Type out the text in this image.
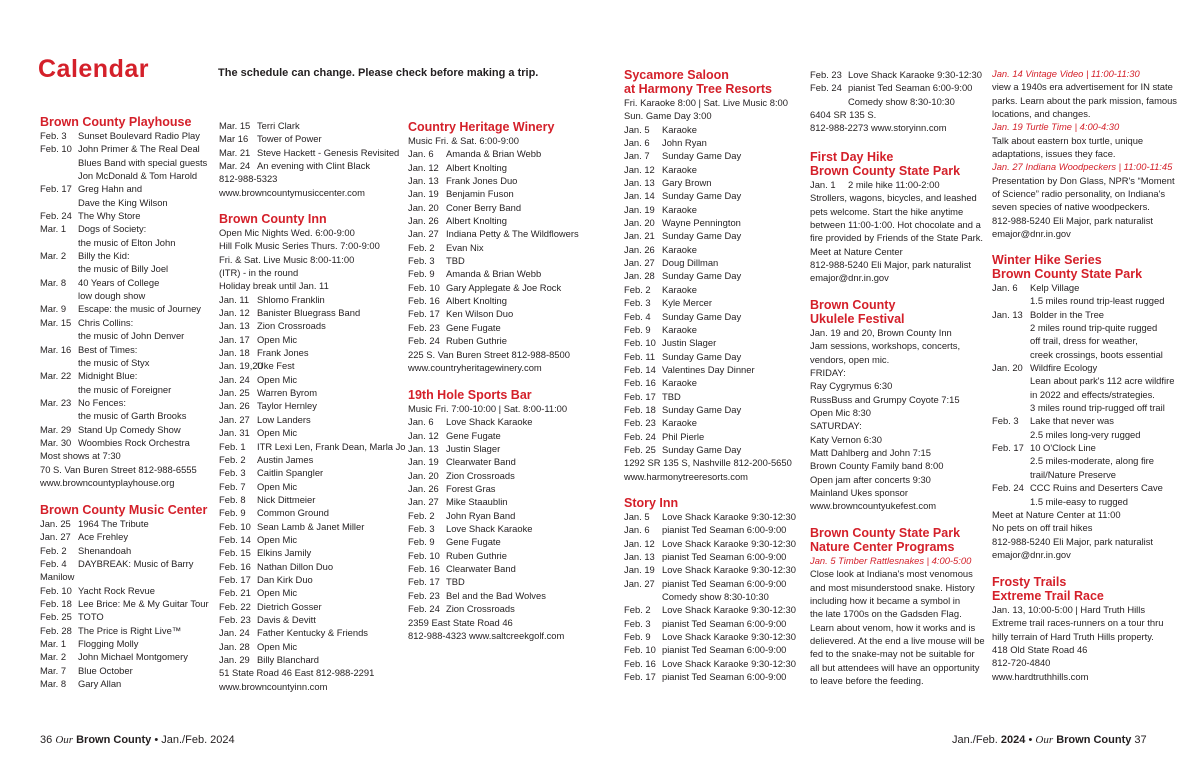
Calendar	The schedule can change. Please check before making a trip.
Brown County Playhouse
Feb. 3 Sunset Boulevard Radio Play
Feb. 10 John Primer & The Real Deal
Blues Band with special guests
Jon McDonald & Tom Harold
Feb. 17 Greg Hahn and
Dave the King Wilson
Feb. 24 The Why Store
Mar. 1 Dogs of Society:
the music of Elton John
Mar. 2 Billy the Kid:
the music of Billy Joel
Mar. 8 40 Years of College
low dough show
Mar. 9 Escape: the music of Journey
Mar. 15 Chris Collins:
the music of John Denver
Mar. 16 Best of Times:
the music of Styx
Mar. 22 Midnight Blue:
the music of Foreigner
Mar. 23 No Fences:
the music of Garth Brooks
Mar. 29 Stand Up Comedy Show
Mar. 30 Woombies Rock Orchestra
Most shows at 7:30
70 S. Van Buren Street 812-988-6555
www.browncountyplayhouse.org
Brown County Music Center
Jan. 25 1964 The Tribute
Jan. 27 Ace Frehley
Feb. 2 Shenandoah
Feb. 4 DAYBREAK: Music of Barry
Manilow
Feb. 10 Yacht Rock Revue
Feb. 18 Lee Brice: Me & My Guitar Tour
Feb. 25 TOTO
Feb. 28 The Price is Right Live™
Mar. 1 Flogging Molly
Mar. 2 John Michael Montgomery
Mar. 7 Blue October
Mar. 8 Gary Allan
Mar. 15 Terri Clark
Mar 16 Tower of Power
Mar. 21 Steve Hackett - Genesis Revisited
Mar. 24 An evening with Clint Black
812-988-5323
www.browncountymusiccenter.com
Brown County Inn
Open Mic Nights Wed. 6:00-9:00
Hill Folk Music Series Thurs. 7:00-9:00
Fri. & Sat. Live Music 8:00-11:00
(ITR) - in the round
Holiday break until Jan. 11
Jan. 11 Shlomo Franklin
Jan. 12 Banister Bluegrass Band
Jan. 13 Zion Crossroads
Jan. 17 Open Mic
Jan. 18 Frank Jones
Jan. 19,20Uke Fest
Jan. 24 Open Mic
Jan. 25 Warren Byrom
Jan. 26 Taylor Hernley
Jan. 27 Low Landers
Jan. 31 Open Mic
Feb. 1 ITR Lexi Len, Frank Dean, Marla Jo
Feb. 2 Austin James
Feb. 3 Caitlin Spangler
Feb. 7 Open Mic
Feb. 8 Nick Dittmeier
Feb. 9 Common Ground
Feb. 10 Sean Lamb & Janet Miller
Feb. 14 Open Mic
Feb. 15 Elkins Jamily
Feb. 16 Nathan Dillon Duo
Feb. 17 Dan Kirk Duo
Feb. 21 Open Mic
Feb. 22 Dietrich Gosser
Feb. 23 Davis & Devitt
Jan. 24 Father Kentucky & Friends
Jan. 28 Open Mic
Jan. 29 Billy Blanchard
51 State Road 46 East 812-988-2291
www.browncountyinn.com
Country Heritage Winery
Music Fri. & Sat. 6:00-9:00
Jan. 6 Amanda & Brian Webb
Jan. 12 Albert Knolting
Jan. 13 Frank Jones Duo
Jan. 19 Benjamin Fuson
Jan. 20 Coner Berry Band
Jan. 26 Albert Knolting
Jan. 27 Indiana Petty & The Wildflowers
Feb. 2 Evan Nix
Feb. 3 TBD
Feb. 9 Amanda & Brian Webb
Feb. 10 Gary Applegate & Joe Rock
Feb. 16 Albert Knolting
Feb. 17 Ken Wilson Duo
Feb. 23 Gene Fugate
Feb. 24 Ruben Guthrie
225 S. Van Buren Street 812-988-8500
www.countryheritagewinery.com
19th Hole Sports Bar
Music Fri. 7:00-10:00 | Sat. 8:00-11:00
Jan. 6 Love Shack Karaoke
Jan. 12 Gene Fugate
Jan. 13 Justin Slager
Jan. 19 Clearwater Band
Jan. 20 Zion Crossroads
Jan. 26 Forest Gras
Jan. 27 Mike Staaublin
Feb. 2 John Ryan Band
Feb. 3 Love Shack Karaoke
Feb. 9 Gene Fugate
Feb. 10 Ruben Guthrie
Feb. 16 Clearwater Band
Feb. 17 TBD
Feb. 23 Bel and the Bad Wolves
Feb. 24 Zion Crossroads
2359 East State Road 46
812-988-4323 www.saltcreekgolf.com
Sycamore Saloon
at Harmony Tree Resorts
Fri. Karaoke 8:00 | Sat. Live Music 8:00
Sun. Game Day 3:00
Jan. 5 Karaoke
Jan. 6 John Ryan
Jan. 7 Sunday Game Day
Jan. 12 Karaoke
Jan. 13 Gary Brown
Jan. 14 Sunday Game Day
Jan. 19 Karaoke
Jan. 20 Wayne Pennington
Jan. 21 Sunday Game Day
Jan. 26 Karaoke
Jan. 27 Doug Dillman
Jan. 28 Sunday Game Day
Feb. 2 Karaoke
Feb. 3 Kyle Mercer
Feb. 4 Sunday Game Day
Feb. 9 Karaoke
Feb. 10 Justin Slager
Feb. 11 Sunday Game Day
Feb. 14 Valentines Day Dinner
Feb. 16 Karaoke
Feb. 17 TBD
Feb. 18 Sunday Game Day
Feb. 23 Karaoke
Feb. 24 Phil Pierle
Feb. 25 Sunday Game Day
1292 SR 135 S, Nashville 812-200-5650
www.harmonytreeresorts.com
Story Inn
Jan. 5 Love Shack Karaoke 9:30-12:30
Jan. 6 pianist Ted Seaman 6:00-9:00
Jan. 12 Love Shack Karaoke 9:30-12:30
Jan. 13 pianist Ted Seaman 6:00-9:00
Jan. 19 Love Shack Karaoke 9:30-12:30
Jan. 27 pianist Ted Seaman 6:00-9:00
Comedy show 8:30-10:30
Feb. 2 Love Shack Karaoke 9:30-12:30
Feb. 3 pianist Ted Seaman 6:00-9:00
Feb. 9 Love Shack Karaoke 9:30-12:30
Feb. 10 pianist Ted Seaman 6:00-9:00
Feb. 16 Love Shack Karaoke 9:30-12:30
Feb. 17 pianist Ted Seaman 6:00-9:00
Feb. 23 Love Shack Karaoke 9:30-12:30
Feb. 24 pianist Ted Seaman 6:00-9:00
Comedy show 8:30-10:30
6404 SR 135 S.
812-988-2273 www.storyinn.com
First Day Hike
Brown County State Park
Jan. 1 2 mile hike 11:00-2:00
Strollers, wagons, bicycles, and leashed
pets welcome. Start the hike anytime
between 11:00-1:00. Hot chocolate and a
fire provided by Friends of the State Park.
Meet at Nature Center
812-988-5240 Eli Major, park naturalist
emajor@dnr.in.gov
Brown County
Ukulele Festival
Jan. 19 and 20, Brown County Inn
Jam sessions, workshops, concerts,
vendors, open mic.
FRIDAY:
Ray Cygrymus 6:30
RussBuss and Grumpy Coyote 7:15
Open Mic 8:30
SATURDAY:
Katy Vernon 6:30
Matt Dahlberg and John 7:15
Brown County Family band 8:00
Open jam after concerts 9:30
Mainland Ukes sponsor
www.browncountyukefest.com
Brown County State Park
Nature Center Programs
Jan. 5 Timber Rattlesnakes | 4:00-5:00
Close look at Indiana's most venomous
and most misunderstood snake. History
including how it became a symbol in
the late 1700s on the Gadsden Flag.
Learn about venom, how it works and is
delievered. At the end a live mouse will be
fed to the snake-may not be suitable for
all but attendees will have an opportunity
to leave before the feeding.
Jan. 14 Vintage Video | 11:00-11:30
view a 1940s era advertisement for IN state
parks. Learn about the park mission, famous
locations, and changes.
Jan. 19 Turtle Time | 4:00-4:30
Talk about eastern box turtle, unique
adaptations, issues they face.
Jan. 27 Indiana Woodpeckers | 11:00-11:45
Presentation by Don Glass, NPR's “Moment
of Science” radio personality, on Indiana's
seven species of native woodpeckers.
812-988-5240 Eli Major, park naturalist
emajor@dnr.in.gov
Winter Hike Series
Brown County State Park
Jan. 6 Kelp Village
1.5 miles round trip-least rugged
Jan. 13 Bolder in the Tree
2 miles round trip-quite rugged
off trail, dress for weather,
creek crossings, boots essential
Jan. 20 Wildfire Ecology
Lean about park's 112 acre wildfire
in 2022 and effects/strategies.
3 miles round trip-rugged off trail
Feb. 3 Lake that never was
2.5 miles long-very rugged
Feb. 17 10 O'Clock Line
2.5 miles-moderate, along fire
trail/Nature Preserve
Feb. 24 CCC Ruins and Deserters Cave
1.5 mile-easy to rugged
Meet at Nature Center at 11:00
No pets on off trail hikes
812-988-5240 Eli Major, park naturalist
emajor@dnr.in.gov
Frosty Trails
Extreme Trail Race
Jan. 13, 10:00-5:00 | Hard Truth Hills
Extreme trail races-runners on a tour thru
hilly terrain of Hard Truth Hills property.
418 Old State Road 46
812-720-4840
www.hardtruthhills.com
36 Our Brown County • Jan./Feb. 2024	Jan./Feb. 2024 • Our Brown County 37
